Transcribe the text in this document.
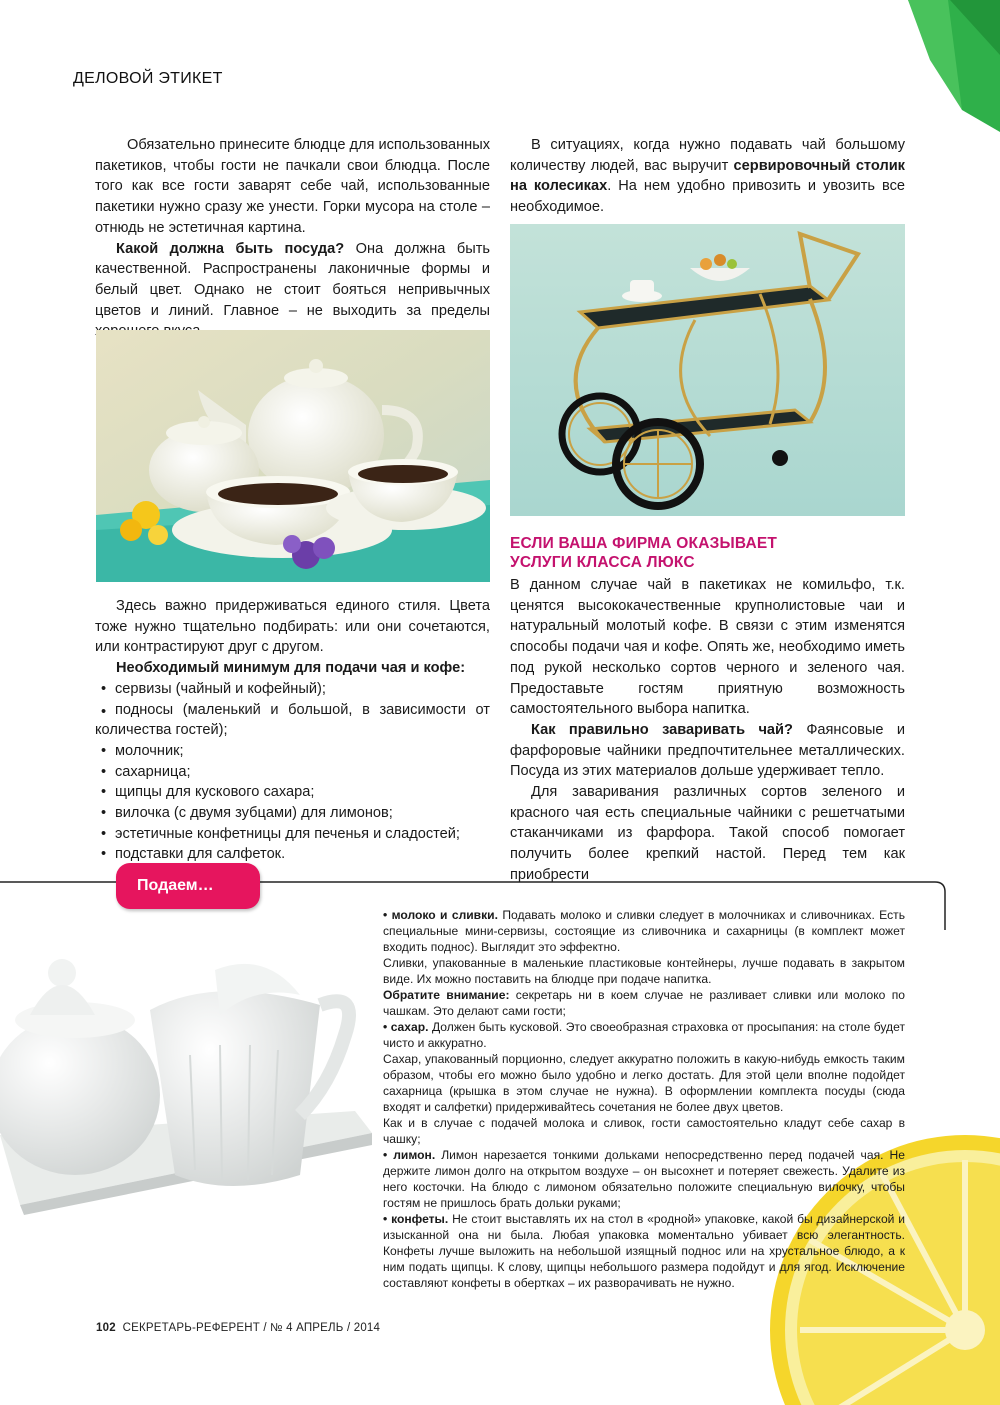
ДЕЛОВОЙ ЭТИКЕТ

Обязательно принесите блюдце для использованных пакетиков, чтобы гости не пачкали свои блюдца. После того как все гости заварят себе чай, использованные пакетики нужно сразу же унести. Горки мусора на столе – отнюдь не эстетичная картина.

Какой должна быть посуда? Она должна быть качественной. Распространены лаконичные формы и белый цвет. Однако не стоит бояться непривычных цветов и линий. Главное – не выходить за пределы

Здесь важно придерживаться единого стиля. Цвета тоже нужно тщательно подбирать: или они сочетаются, или контрастируют друг с другом.

Необходимый минимум для подачи чая и кофе:

• сервизы (чайный и кофейный);
• подносы (маленький и большой, в зависимости от количества гостей);
• молочник;
• сахарница;
• щипцы для кускового сахара;
• вилочка (с двумя зубцами) для лимонов;
• эстетичные конфетницы для печенья и сладостей;
• подставки для салфеток.

В ситуациях, когда нужно подавать чай большому количеству людей, вас выручит сервировочный столик на колесиках. На нем удобно привозить и увозить все необходимое.

ЕСЛИ ВАША ФИРМА ОКАЗЫВАЕТ
УСЛУГИ КЛАССА ЛЮКС

В данном случае чай в пакетиках не комильфо, т.к. ценятся высококачественные крупнолистовые чаи и натуральный молотый кофе. В связи с этим изменятся способы подачи чая и кофе. Опять же, необходимо иметь под рукой несколько сортов черного и зеленого чая. Предоставьте гостям приятную возможность самостоятельного выбора напитка.

Как правильно заваривать чай? Фаянсовые и фарфоровые чайники предпочтительнее металлических. Посуда из этих материалов дольше удерживает тепло.

Для заваривания различных сортов зеленого и красного чая есть специальные чайники с решетчатыми стаканчиками из фарфора. Такой способ помогает получить более крепкий настой. Перед тем как приобрести

Подаем…

• молоко и сливки. Подавать молоко и сливки следует в молочниках и сливочниках. Есть специальные мини-сервизы, состоящие из сливочника и сахарницы (в комплект может входить поднос). Выглядит это эффектно.

Сливки, упакованные в маленькие пластиковые контейнеры, лучше подавать в закрытом виде. Их можно поставить на блюдце при подаче напитка.

Обратите внимание: секретарь ни в коем случае не разливает сливки или молоко по чашкам. Это делают сами гости;

• сахар. Должен быть кусковой. Это своеобразная страховка от просыпания: на столе будет чисто и аккуратно.

Сахар, упакованный порционно, следует аккуратно положить в какую-нибудь емкость таким образом, чтобы его можно было удобно и легко достать. Для этой цели вполне подойдет сахарница (крышка в этом случае не нужна). В оформлении комплекта посуды (сюда входят и салфетки) придерживайтесь сочетания не более двух цветов.

Как и в случае с подачей молока и сливок, гости самостоятельно кладут себе сахар в чашку;

• лимон. Лимон нарезается тонкими дольками непосредственно перед подачей чая. Не держите лимон долго на открытом воздухе – он высохнет и потеряет свежесть. Удалите из него косточки. На блюдо с лимоном обязательно положите специальную вилочку, чтобы гостям не пришлось брать дольки руками;

• конфеты. Не стоит выставлять их на стол в «родной» упаковке, какой бы дизайнерской и изысканной она ни была. Любая упаковка моментально убивает всю элегантность. Конфеты лучше выложить на небольшой изящный поднос или на хрустальное блюдо, а к ним подать щипцы. К слову, щипцы небольшого размера подойдут и для ягод. Исключение составляют конфеты в обертках – их разворачивать не нужно.

102 СЕКРЕТАРЬ-РЕФЕРЕНТ / № 4 АПРЕЛЬ / 2014
